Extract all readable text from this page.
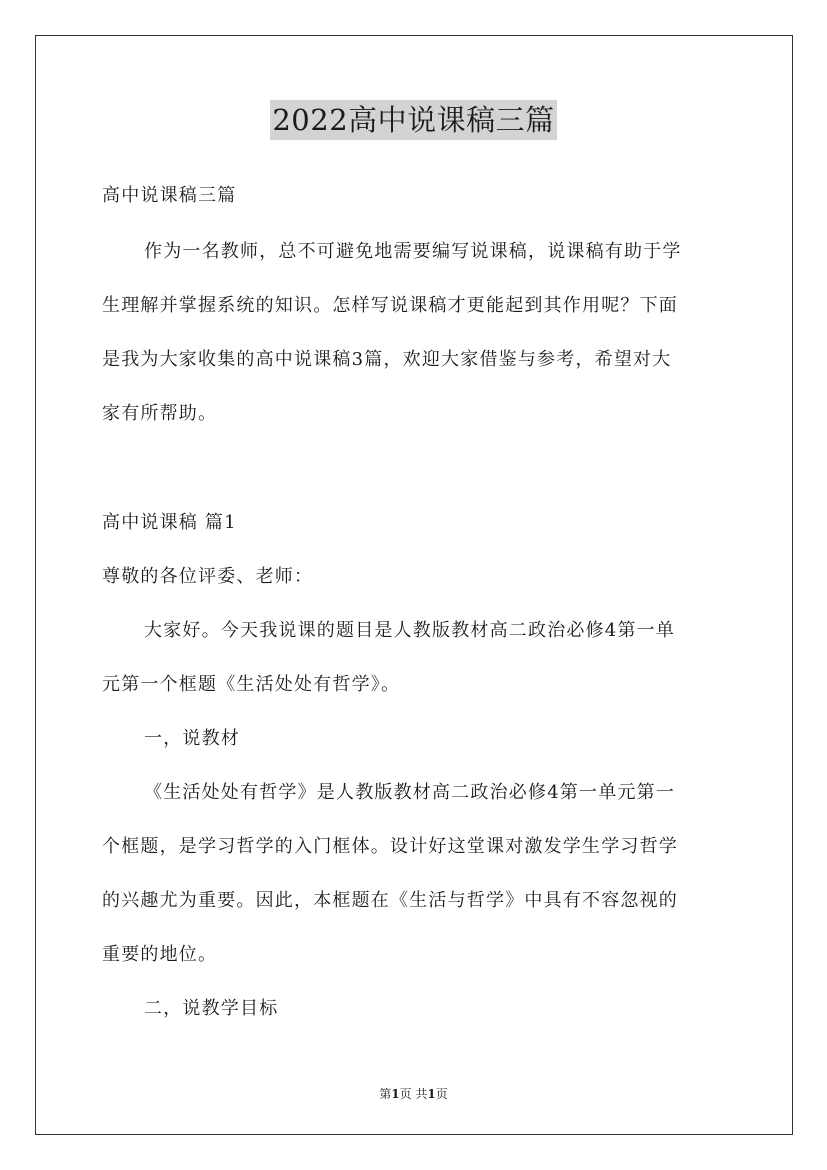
2022高中说课稿三篇
高中说课稿三篇
作为一名教师，总不可避免地需要编写说课稿，说课稿有助于学
生理解并掌握系统的知识。怎样写说课稿才更能起到其作用呢？下面
是我为大家收集的高中说课稿3篇，欢迎大家借鉴与参考，希望对大
家有所帮助。
高中说课稿 篇1
尊敬的各位评委、老师：
大家好。今天我说课的题目是人教版教材高二政治必修4第一单
元第一个框题《生活处处有哲学》。
一，说教材
《生活处处有哲学》是人教版教材高二政治必修4第一单元第一
个框题，是学习哲学的入门框体。设计好这堂课对激发学生学习哲学
的兴趣尤为重要。因此，本框题在《生活与哲学》中具有不容忽视的
重要的地位。
二，说教学目标
第1页 共1页
